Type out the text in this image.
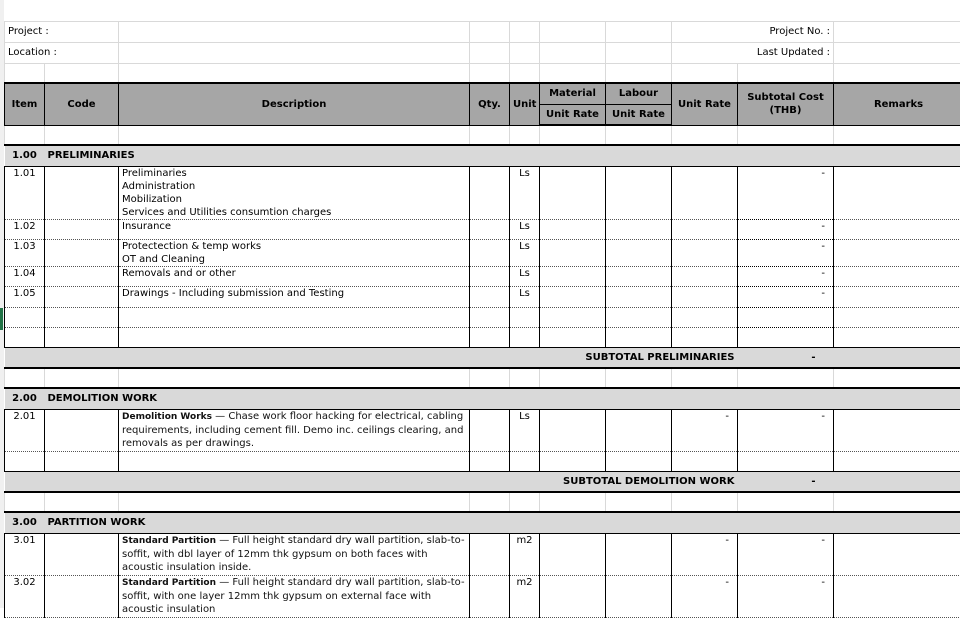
Project :							Project No. :		
Location :							Last Updated :		

Item	Code	Description	Qty.	Unit	Material	Labour	Unit Rate	Subtotal Cost (THB)	Remarks
					Unit Rate	Unit Rate			

1.00	PRELIMINARIES								
1.01		Preliminaries
Administration
Mobilization
Services and Utilities consumtion charges		Ls				-	
1.02		Insurance		Ls				-	
1.03		Protectection & temp works
OT and Cleaning		Ls				-	
1.04		Removals and or other		Ls				-	
1.05		Drawings - Including submission and Testing		Ls				-	

SUBTOTAL PRELIMINARIES								-	

2.00	DEMOLITION WORK								
2.01		Demolition Works — Chase work floor hacking for electrical, cabling requirements, including cement fill. Demo inc. ceilings clearing, and removals as per drawings.		Ls			-	-	

SUBTOTAL DEMOLITION WORK								-	

3.00	PARTITION WORK								
3.01		Standard Partition — Full height standard dry wall partition, slab-to-soffit, with dbl layer of 12mm thk gypsum on both faces with acoustic insulation inside.		m2			-	-	
3.02		Standard Partition — Full height standard dry wall partition, slab-to-soffit, with one layer 12mm thk gypsum on external face with acoustic insulation		m2			-	-	
